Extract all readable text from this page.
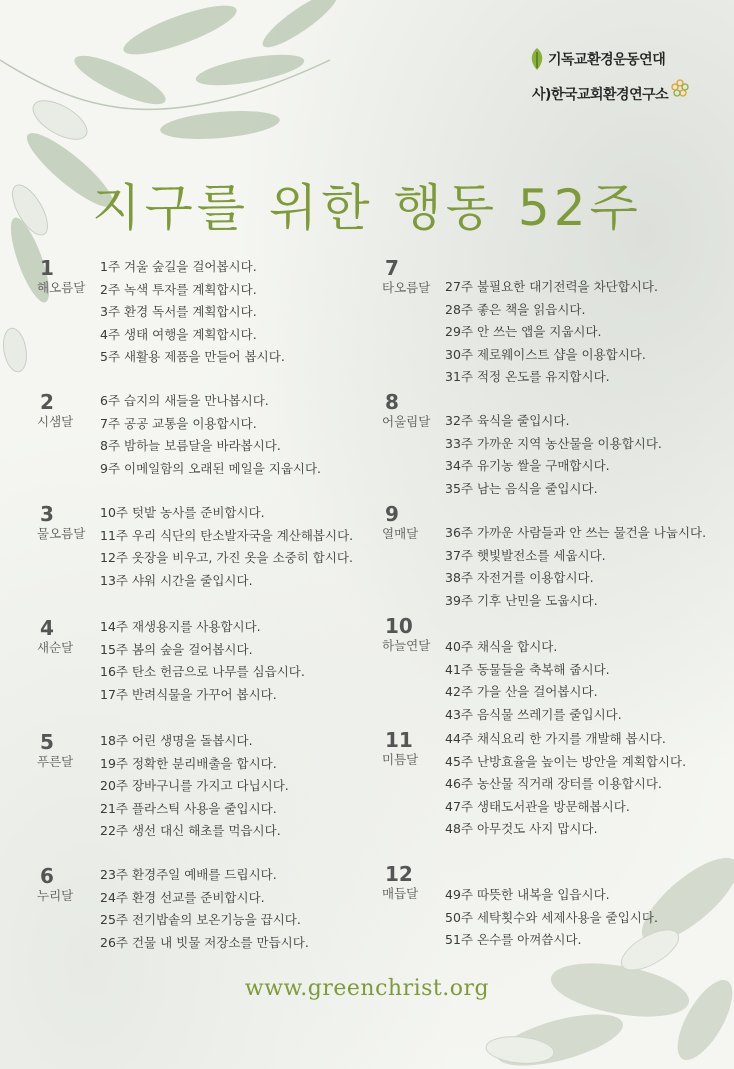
기독교환경운동연대
사)한국교회환경연구소
지구를 위한 행동 52주
1
해오름달
1주 겨울 숲길을 걸어봅시다.
2주 녹색 투자를 계획합시다.
3주 환경 독서를 계획합시다.
4주 생태 여행을 계획합시다.
5주 새활용 제품을 만들어 봅시다.
2
시샘달
6주 습지의 새들을 만나봅시다.
7주 공공 교통을 이용합시다.
8주 밤하늘 보름달을 바라봅시다.
9주 이메일함의 오래된 메일을 지웁시다.
3
물오름달
10주 텃밭 농사를 준비합시다.
11주 우리 식단의 탄소발자국을 계산해봅시다.
12주 옷장을 비우고, 가진 옷을 소중히 합시다.
13주 샤워 시간을 줄입시다.
4
새순달
14주 재생용지를 사용합시다.
15주 봄의 숲을 걸어봅시다.
16주 탄소 헌금으로 나무를 심읍시다.
17주 반려식물을 가꾸어 봅시다.
5
푸른달
18주 어린 생명을 돌봅시다.
19주 정확한 분리배출을 합시다.
20주 장바구니를 가지고 다닙시다.
21주 플라스틱 사용을 줄입시다.
22주 생선 대신 해초를 먹읍시다.
6
누리달
23주 환경주일 예배를 드립시다.
24주 환경 선교를 준비합시다.
25주 전기밥솥의 보온기능을 끕시다.
26주 건물 내 빗물 저장소를 만듭시다.
7
타오름달 27주 불필요한 대기전력을 차단합시다.
28주 좋은 책을 읽읍시다.
29주 안 쓰는 앱을 지웁시다.
30주 제로웨이스트 샵을 이용합시다.
31주 적정 온도를 유지합시다.
8
어울림달 32주 육식을 줄입시다.
33주 가까운 지역 농산물을 이용합시다.
34주 유기농 쌀을 구매합시다.
35주 남는 음식을 줄입시다.
9
열매달 36주 가까운 사람들과 안 쓰는 물건을 나눕시다.
37주 햇빛발전소를 세웁시다.
38주 자전거를 이용합시다.
39주 기후 난민을 도웁시다.
10
하늘연달 40주 채식을 합시다.
41주 동물들을 축복해 줍시다.
42주 가을 산을 걸어봅시다.
43주 음식물 쓰레기를 줄입시다.
11
미틈달
44주 채식요리 한 가지를 개발해 봅시다.
45주 난방효율을 높이는 방안을 계획합시다.
46주 농산물 직거래 장터를 이용합시다.
47주 생태도서관을 방문해봅시다.
48주 아무것도 사지 맙시다.
12
매듭달 49주 따뜻한 내복을 입읍시다.
50주 세탁횟수와 세제사용을 줄입시다.
51주 온수를 아껴씁시다.
www.greenchrist.org
